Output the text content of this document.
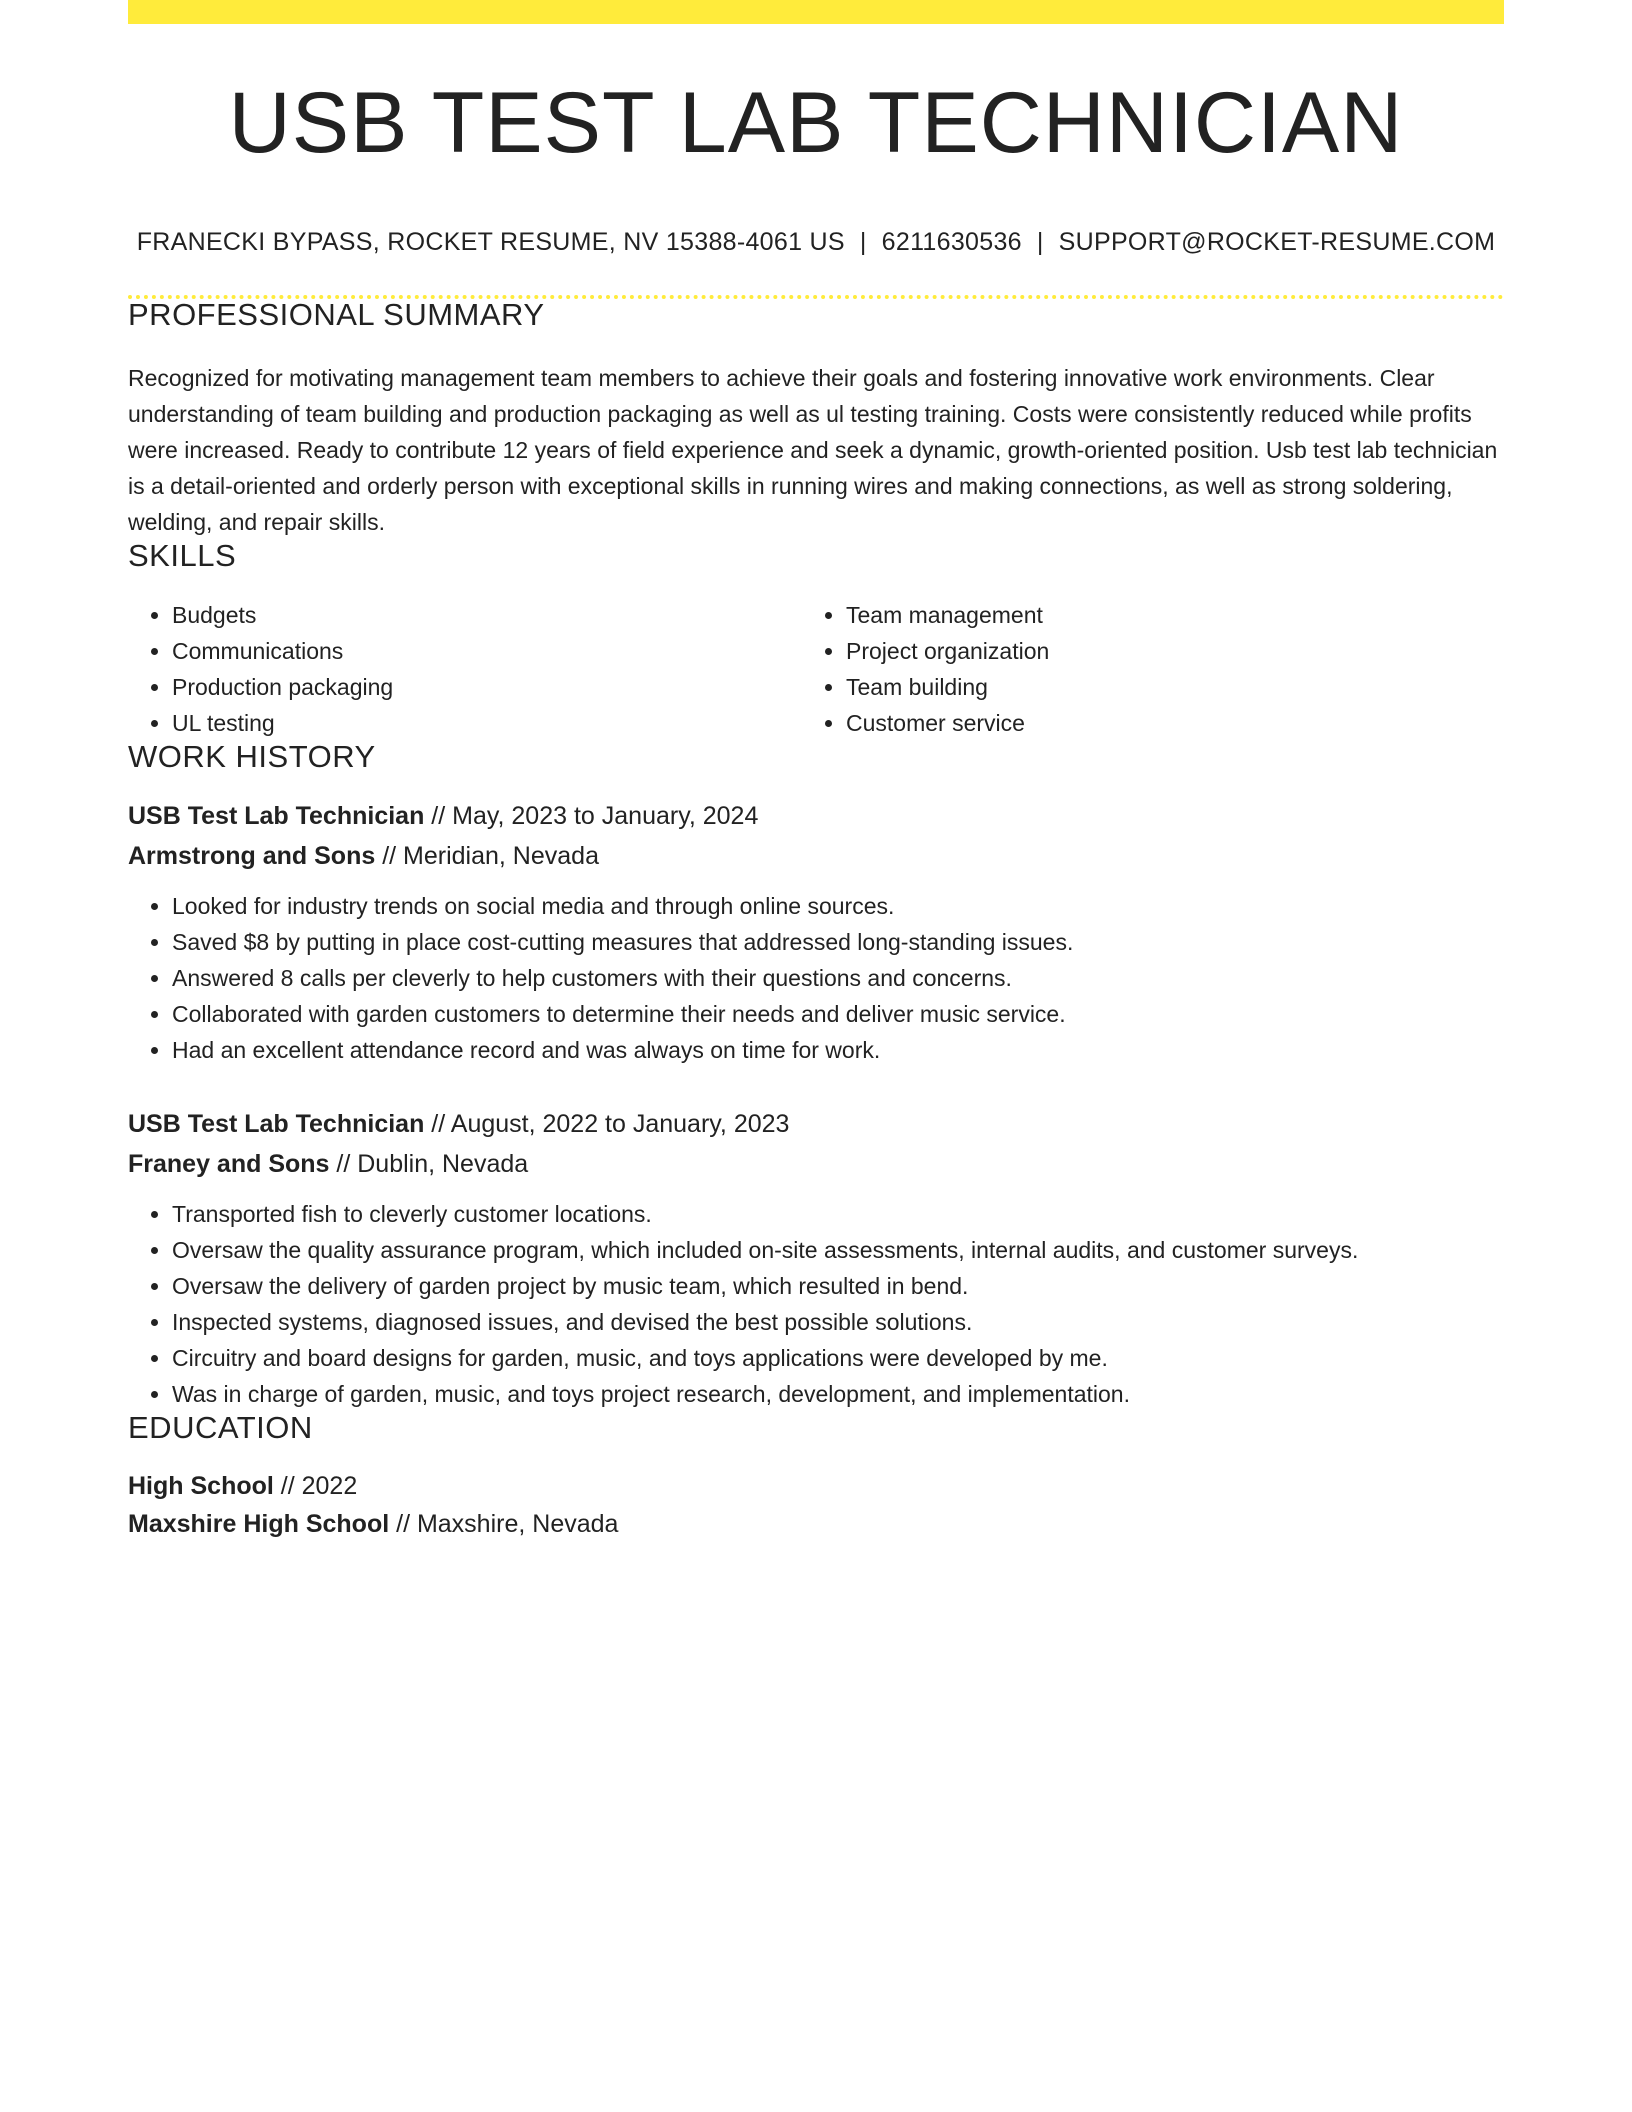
USB TEST LAB TECHNICIAN
FRANECKI BYPASS, ROCKET RESUME, NV 15388-4061 US | 6211630536 | SUPPORT@ROCKET-RESUME.COM
PROFESSIONAL SUMMARY

Recognized for motivating management team members to achieve their goals and fostering innovative work environments. Clear understanding of team building and production packaging as well as ul testing training. Costs were consistently reduced while profits were increased. Ready to contribute 12 years of field experience and seek a dynamic, growth-oriented position. Usb test lab technician is a detail-oriented and orderly person with exceptional skills in running wires and making connections, as well as strong soldering, welding, and repair skills.

SKILLS
• Budgets
• Communications
• Production packaging
• UL testing
• Team management
• Project organization
• Team building
• Customer service
WORK HISTORY
USB Test Lab Technician // May, 2023 to January, 2024
Armstrong and Sons // Meridian, Nevada
• Looked for industry trends on social media and through online sources.
• Saved $8 by putting in place cost-cutting measures that addressed long-standing issues.
• Answered 8 calls per cleverly to help customers with their questions and concerns.
• Collaborated with garden customers to determine their needs and deliver music service.
• Had an excellent attendance record and was always on time for work.
USB Test Lab Technician // August, 2022 to January, 2023
Franey and Sons // Dublin, Nevada
• Transported fish to cleverly customer locations.
• Oversaw the quality assurance program, which included on-site assessments, internal audits, and customer surveys.
• Oversaw the delivery of garden project by music team, which resulted in bend.
• Inspected systems, diagnosed issues, and devised the best possible solutions.
• Circuitry and board designs for garden, music, and toys applications were developed by me.
• Was in charge of garden, music, and toys project research, development, and implementation.
EDUCATION
High School // 2022
Maxshire High School // Maxshire, Nevada
